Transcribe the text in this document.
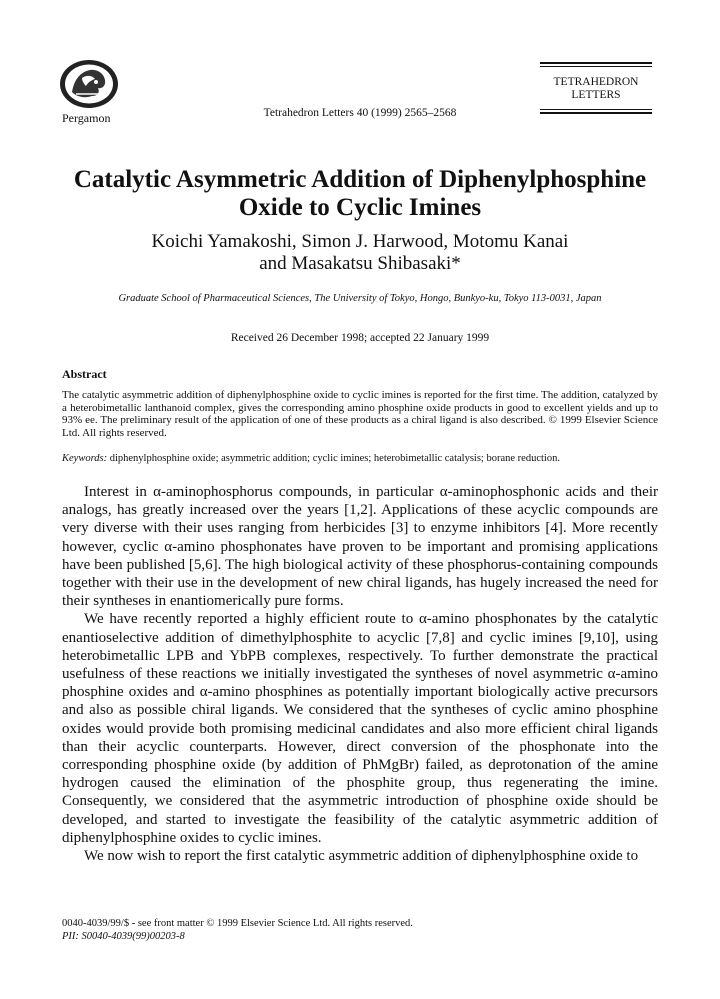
Pergamon	Tetrahedron Letters 40 (1999) 2565–2568
TETRAHEDRON
LETTERS
Catalytic Asymmetric Addition of Diphenylphosphine
Oxide to Cyclic Imines
Koichi Yamakoshi, Simon J. Harwood, Motomu Kanai
and Masakatsu Shibasaki*
Graduate School of Pharmaceutical Sciences, The University of Tokyo, Hongo, Bunkyo-ku, Tokyo 113-0031, Japan
Received 26 December 1998; accepted 22 January 1999
Abstract

The catalytic asymmetric addition of diphenylphosphine oxide to cyclic imines is reported for the first time. The addition, catalyzed by a heterobimetallic lanthanoid complex, gives the corresponding amino phosphine oxide products in good to excellent yields and up to 93% ee. The preliminary result of the application of one of these products as a chiral ligand is also described. © 1999 Elsevier Science Ltd. All rights reserved.

Keywords: diphenylphosphine oxide; asymmetric addition; cyclic imines; heterobimetallic catalysis; borane reduction.

Interest in α-aminophosphorus compounds, in particular α-aminophosphonic acids and their analogs, has greatly increased over the years [1,2]. Applications of these acyclic compounds are very diverse with their uses ranging from herbicides [3] to enzyme inhibitors [4]. More recently however, cyclic α-amino phosphonates have proven to be important and promising applications have been published [5,6]. The high biological activity of these phosphorus-containing compounds together with their use in the development of new chiral ligands, has hugely increased the need for their syntheses in enantiomerically pure forms.

We have recently reported a highly efficient route to α-amino phosphonates by the catalytic enantioselective addition of dimethylphosphite to acyclic [7,8] and cyclic imines [9,10], using heterobimetallic LPB and YbPB complexes, respectively. To further demonstrate the practical usefulness of these reactions we initially investigated the syntheses of novel asymmetric α-amino phosphine oxides and α-amino phosphines as potentially important biologically active precursors and also as possible chiral ligands. We considered that the syntheses of cyclic amino phosphine oxides would provide both promising medicinal candidates and also more efficient chiral ligands than their acyclic counterparts. However, direct conversion of the phosphonate into the corresponding phosphine oxide (by addition of PhMgBr) failed, as deprotonation of the amine hydrogen caused the elimination of the phosphite group, thus regenerating the imine. Consequently, we considered that the asymmetric introduction of phosphine oxide should be developed, and started to investigate the feasibility of the catalytic asymmetric addition of diphenylphosphine oxides to cyclic imines.

We now wish to report the first catalytic asymmetric addition of diphenylphosphine oxide to

0040-4039/99/$ - see front matter © 1999 Elsevier Science Ltd. All rights reserved.
PII: S0040-4039(99)00203-8
